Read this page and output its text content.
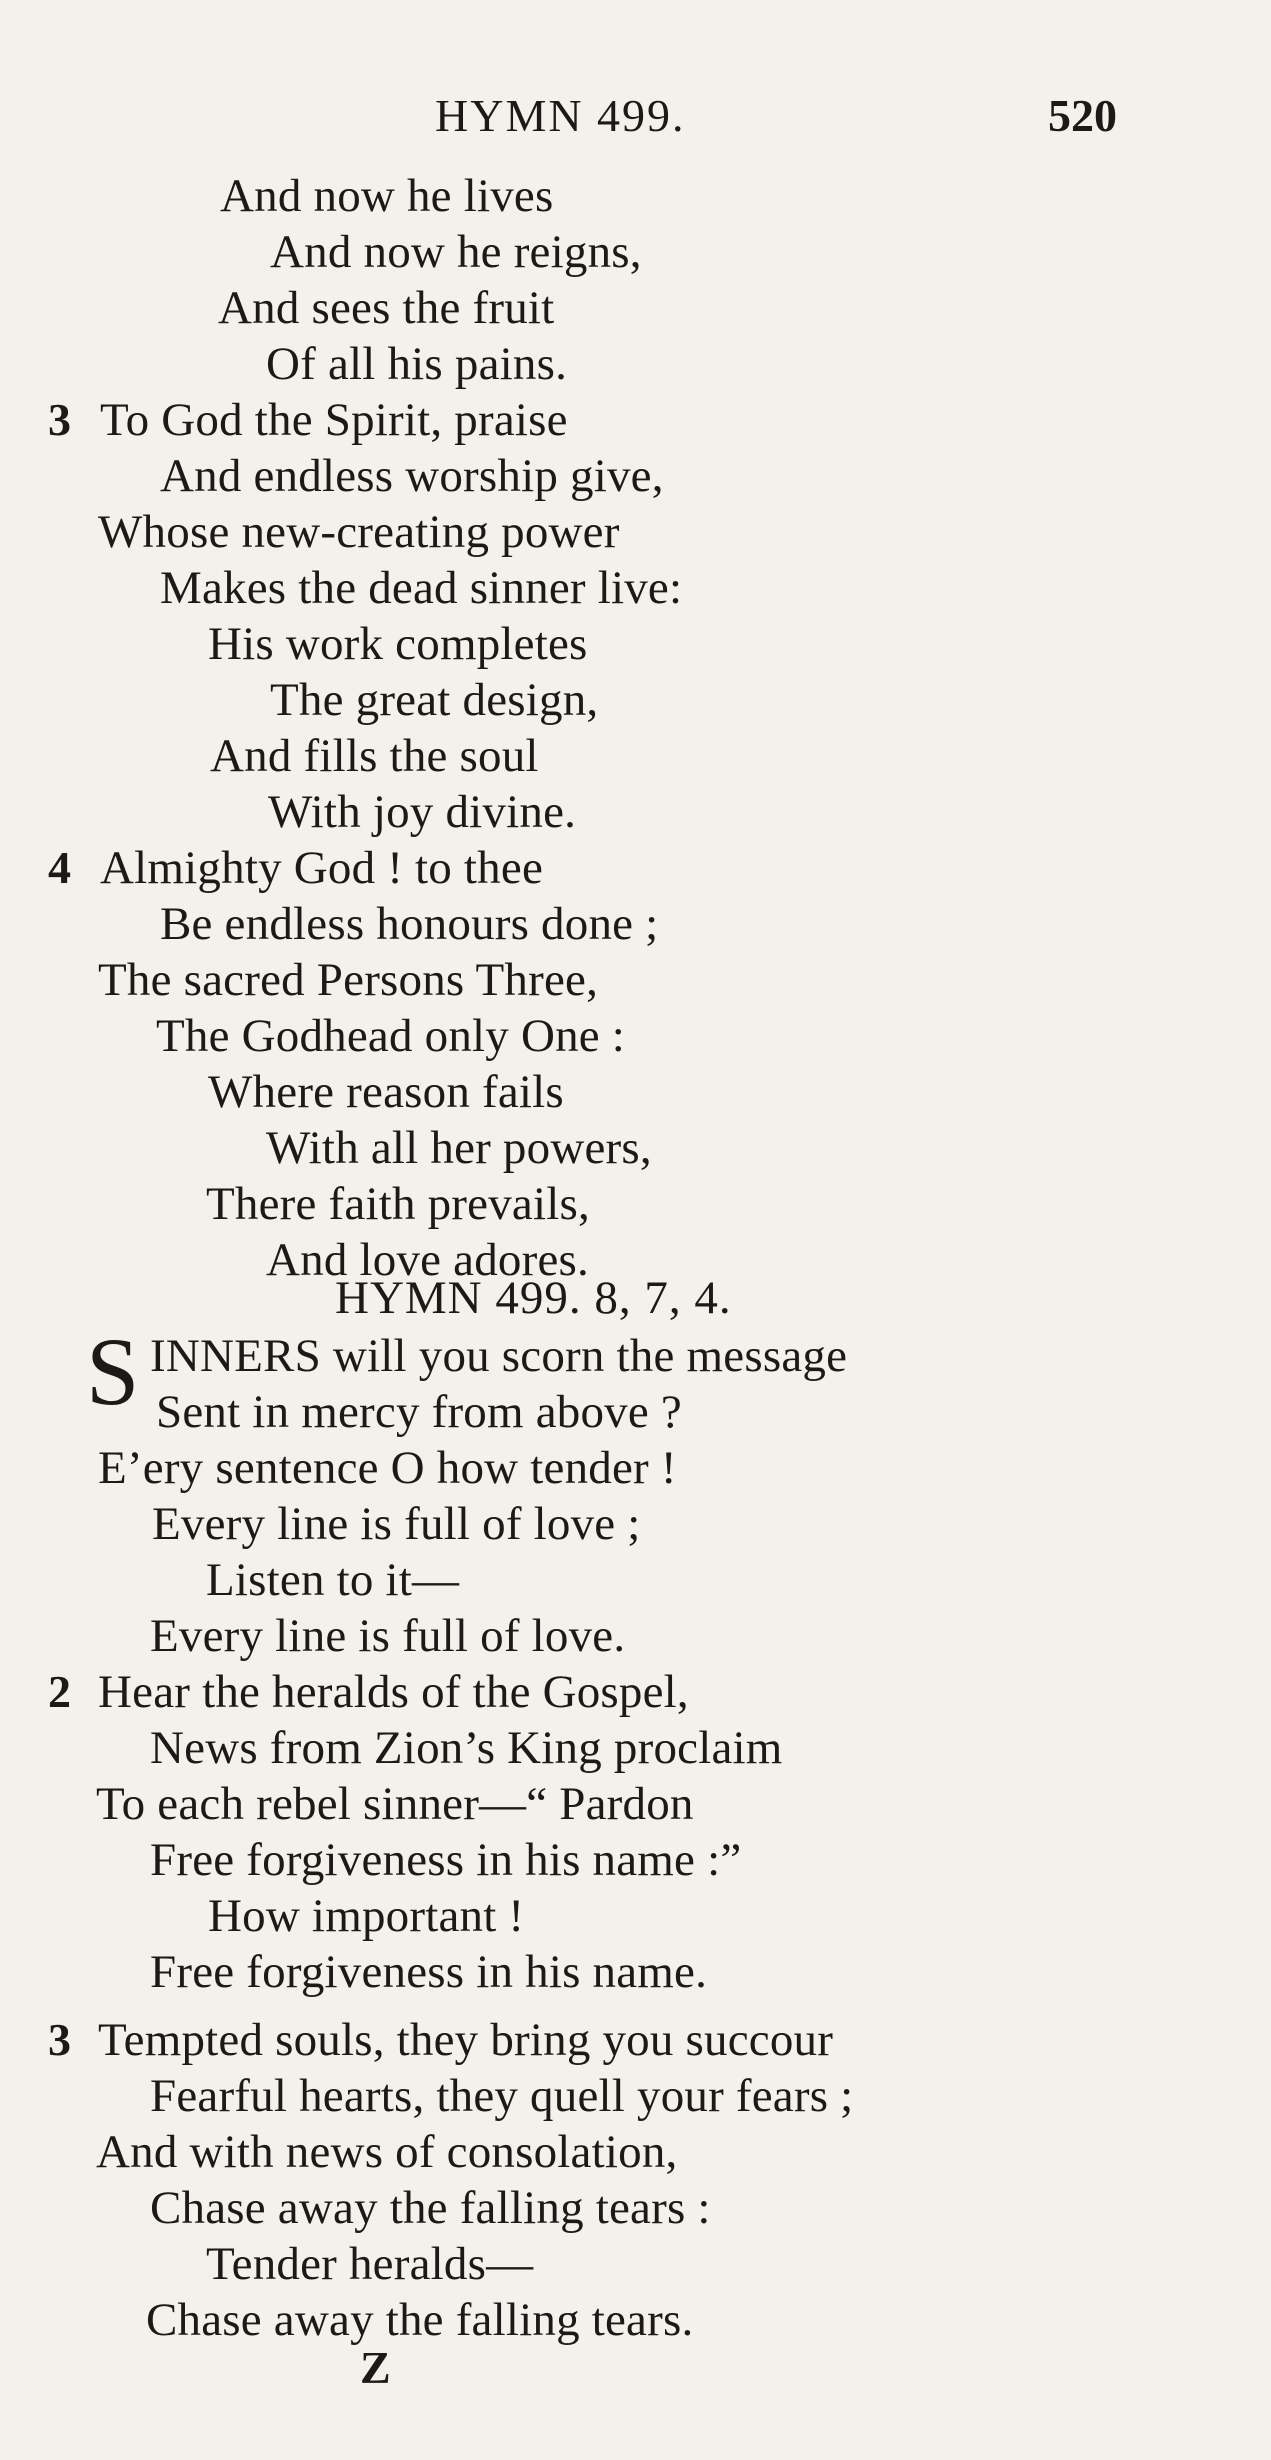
HYMN 499.	520
And now he lives
And now he reigns,
And sees the fruit
Of all his pains.
3 To God the Spirit, praise
And endless worship give,
Whose new-creating power
Makes the dead sinner live:
His work completes
The great design,
And fills the soul
With joy divine.
4 Almighty God ! to thee
Be endless honours done ;
The sacred Persons Three,
The Godhead only One :
Where reason fails
With all her powers,
There faith prevails,
And love adores.
HYMN 499. 8, 7, 4.
S INNERS will you scorn the message
Sent in mercy from above ?
E’ery sentence O how tender !
Every line is full of love ;
Listen to it—
Every line is full of love.
2 Hear the heralds of the Gospel,
News from Zion’s King proclaim
To each rebel sinner—“ Pardon
Free forgiveness in his name :”
How important !
Free forgiveness in his name.
3 Tempted souls, they bring you succour
Fearful hearts, they quell your fears ;
And with news of consolation,
Chase away the falling tears :
Tender heralds—
Chase away the falling tears.
Z
